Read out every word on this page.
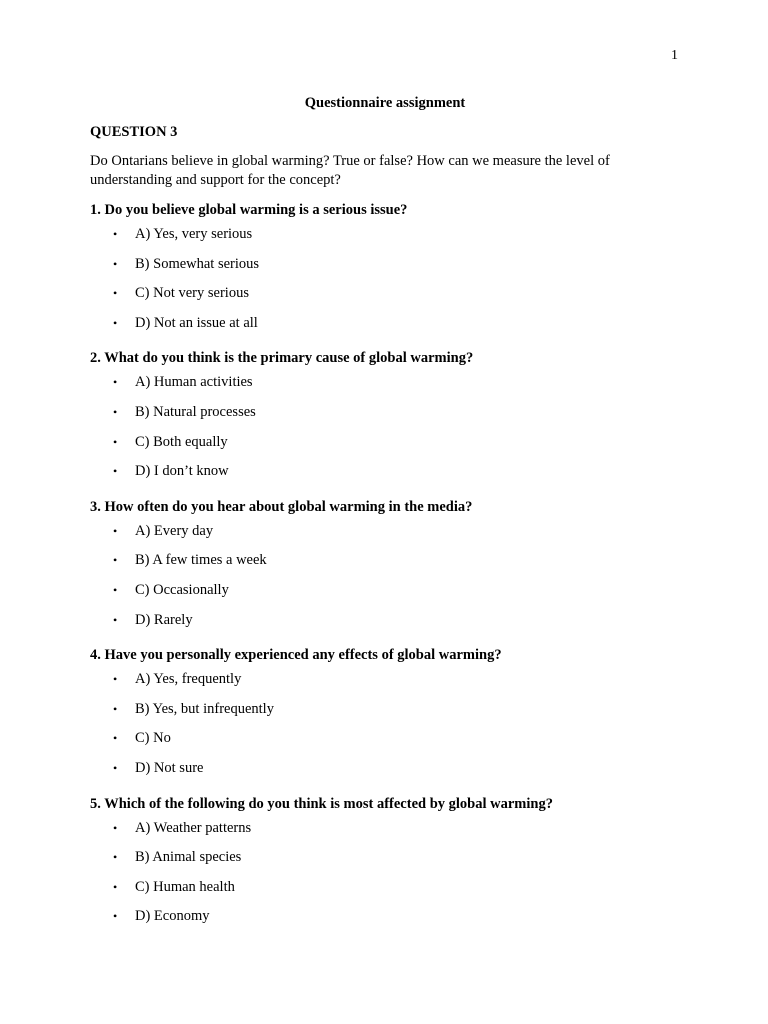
1

Questionnaire assignment

QUESTION 3

Do Ontarians believe in global warming? True or false? How can we measure the level of understanding and support for the concept?

1. Do you believe global warming is a serious issue?

• A) Yes, very serious
• B) Somewhat serious
• C) Not very serious
• D) Not an issue at all

2. What do you think is the primary cause of global warming?

• A) Human activities
• B) Natural processes
• C) Both equally
• D) I don’t know

3. How often do you hear about global warming in the media?

• A) Every day
• B) A few times a week
• C) Occasionally
• D) Rarely

4. Have you personally experienced any effects of global warming?

• A) Yes, frequently
• B) Yes, but infrequently
• C) No
• D) Not sure

5. Which of the following do you think is most affected by global warming?

• A) Weather patterns
• B) Animal species
• C) Human health
• D) Economy
